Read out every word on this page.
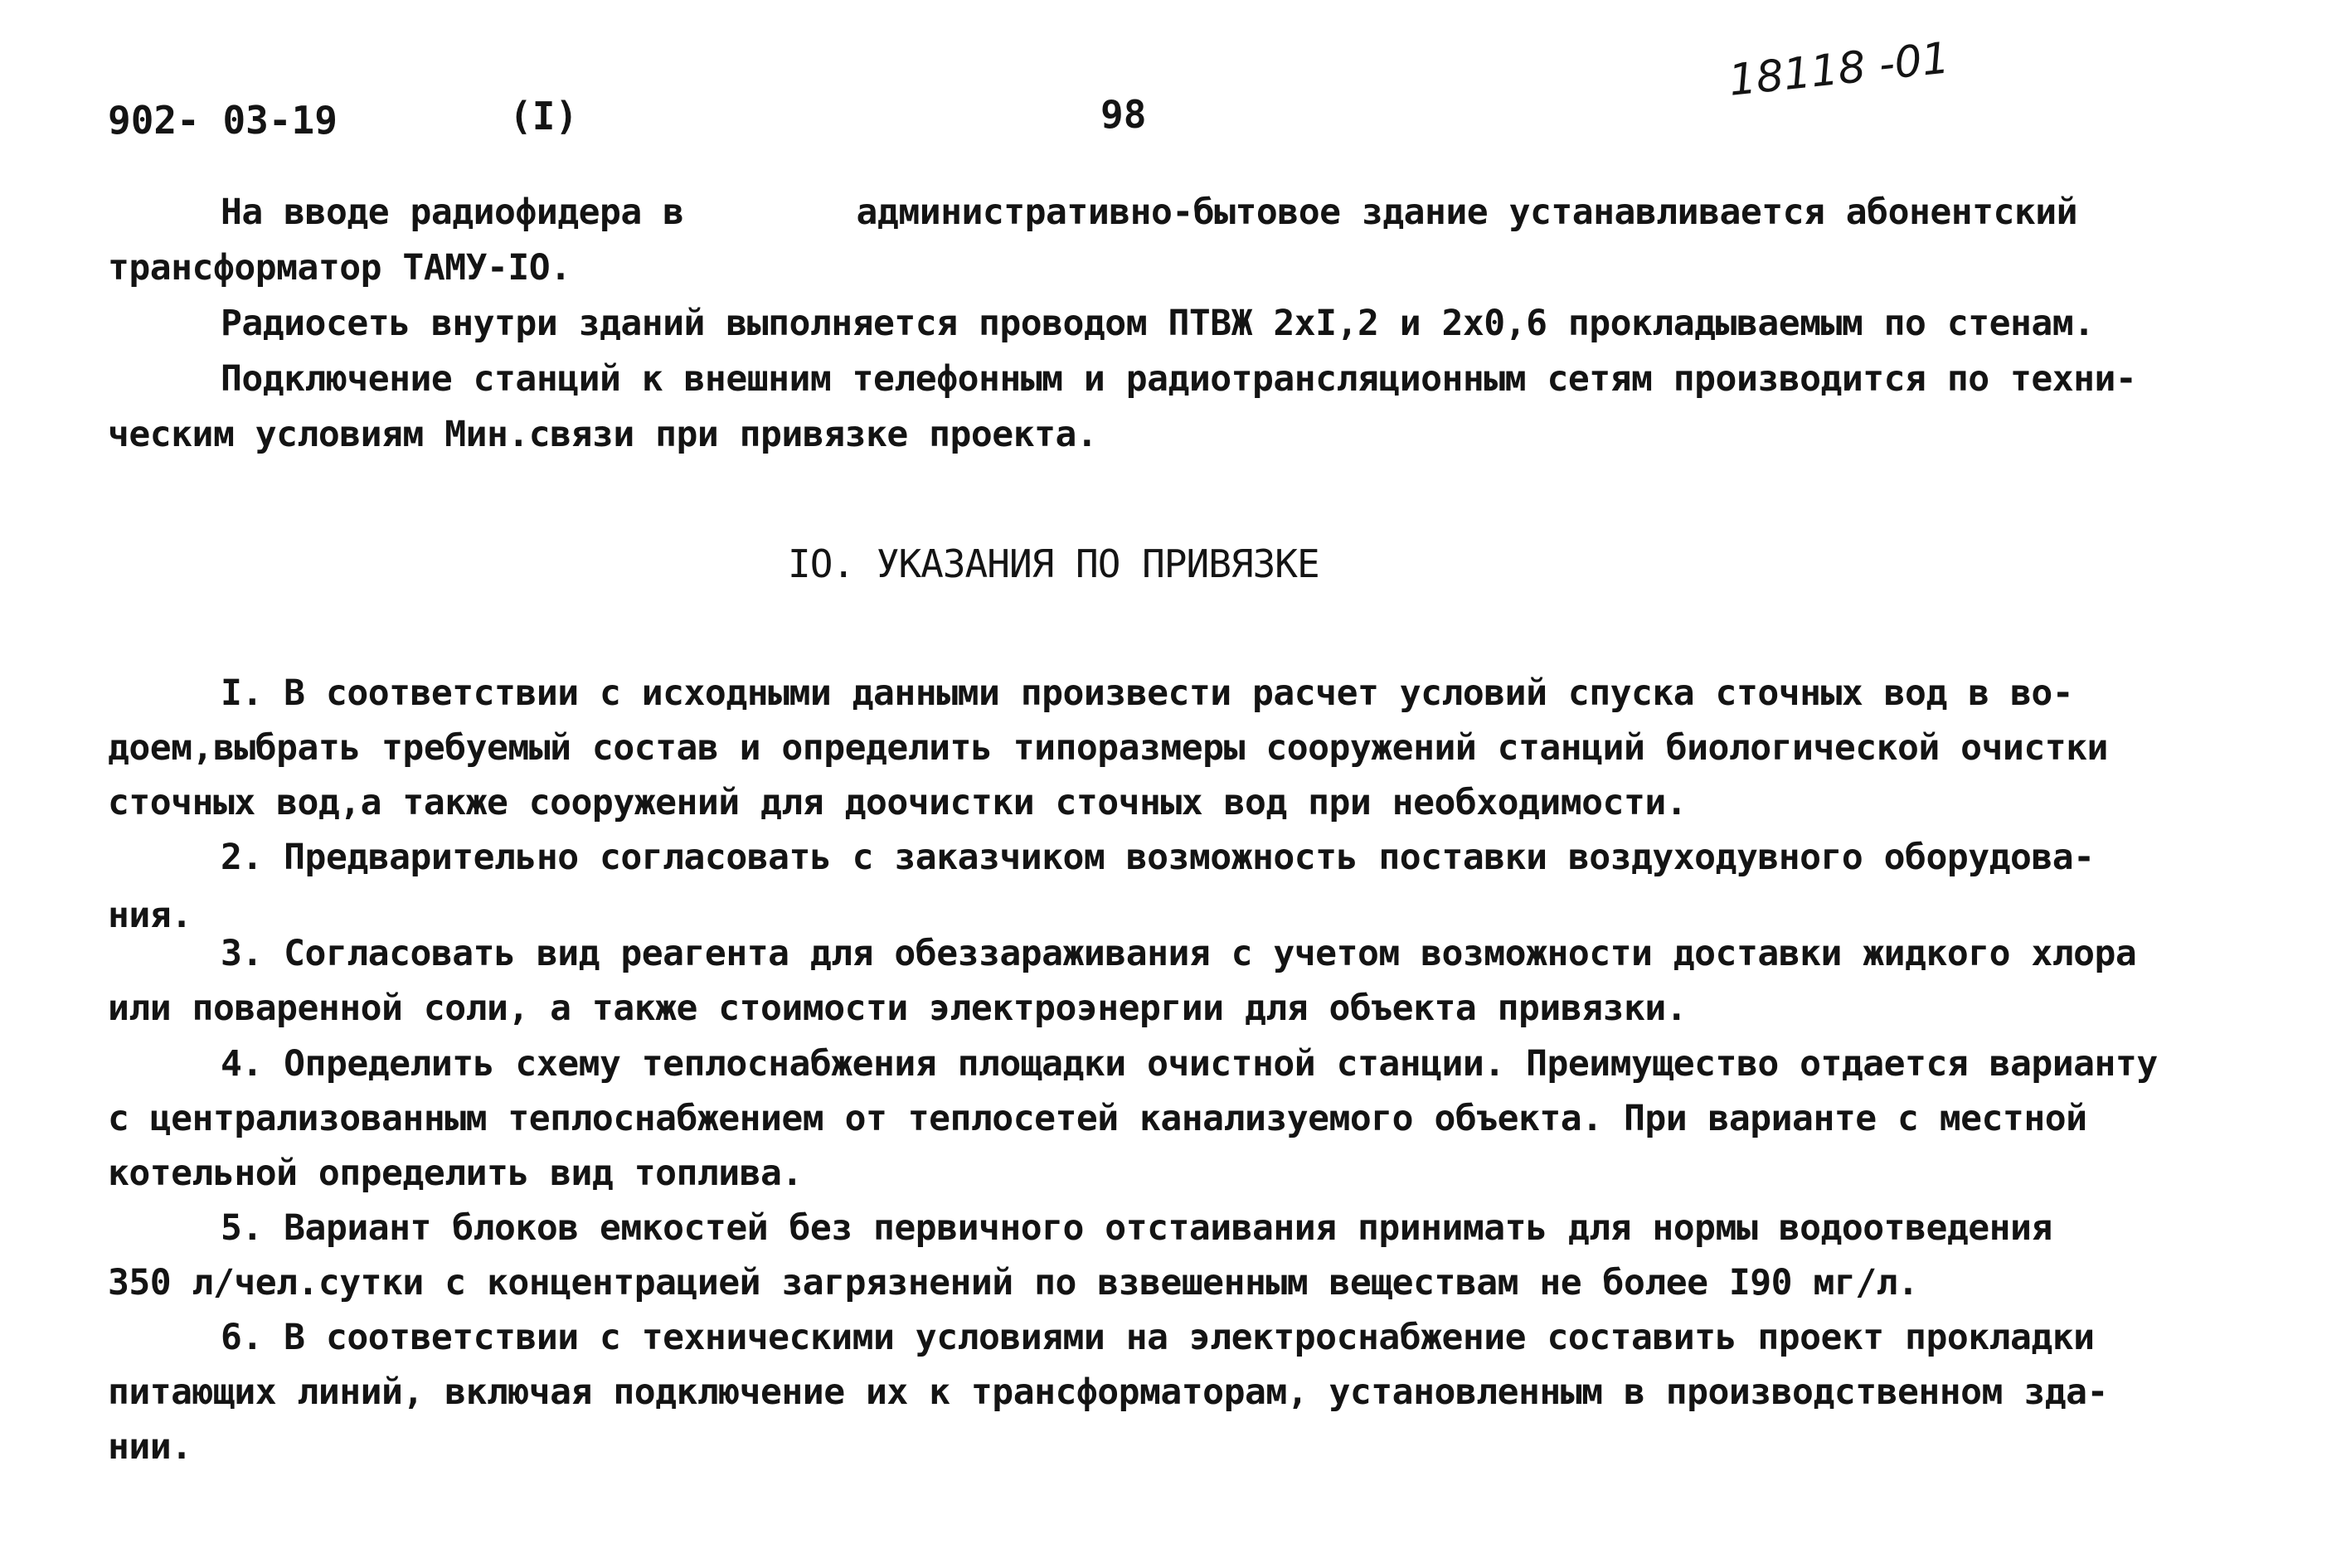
902- 03-19	(I)	98
18118 -01
На вводе радиофидера в	административно-бытовое здание устанавливается абонентский
трансформатор ТАМУ-IO.
Радиосеть внутри зданий выполняется проводом ПТВЖ 2хI,2 и 2х0,6 прокладываемым по стенам.
Подключение станций к внешним телефонным и радиотрансляционным сетям производится по техни-
ческим условиям Мин.связи при привязке проекта.
IO. УКАЗАНИЯ ПО ПРИВЯЗКЕ
I. В соответствии с исходными данными произвести расчет условий спуска сточных вод в во-
доем,выбрать требуемый состав и определить типоразмеры сооружений станций биологической очистки
сточных вод,а также сооружений для доочистки сточных вод при необходимости.
2. Предварительно согласовать с заказчиком возможность поставки воздуходувного оборудова-
ния.
3. Согласовать вид реагента для обеззараживания с учетом возможности доставки жидкого хлора
или поваренной соли, а также стоимости электроэнергии для объекта привязки.
4. Определить схему теплоснабжения площадки очистной станции. Преимущество отдается варианту
с централизованным теплоснабжением от теплосетей канализуемого объекта. При варианте с местной
котельной определить вид топлива.
5. Вариант блоков емкостей без первичного отстаивания принимать для нормы водоотведения
350 л/чел.сутки с концентрацией загрязнений по взвешенным веществам не более I90 мг/л.
6. В соответствии с техническими условиями на электроснабжение составить проект прокладки
питающих линий, включая подключение их к трансформаторам, установленным в производственном зда-
нии.
